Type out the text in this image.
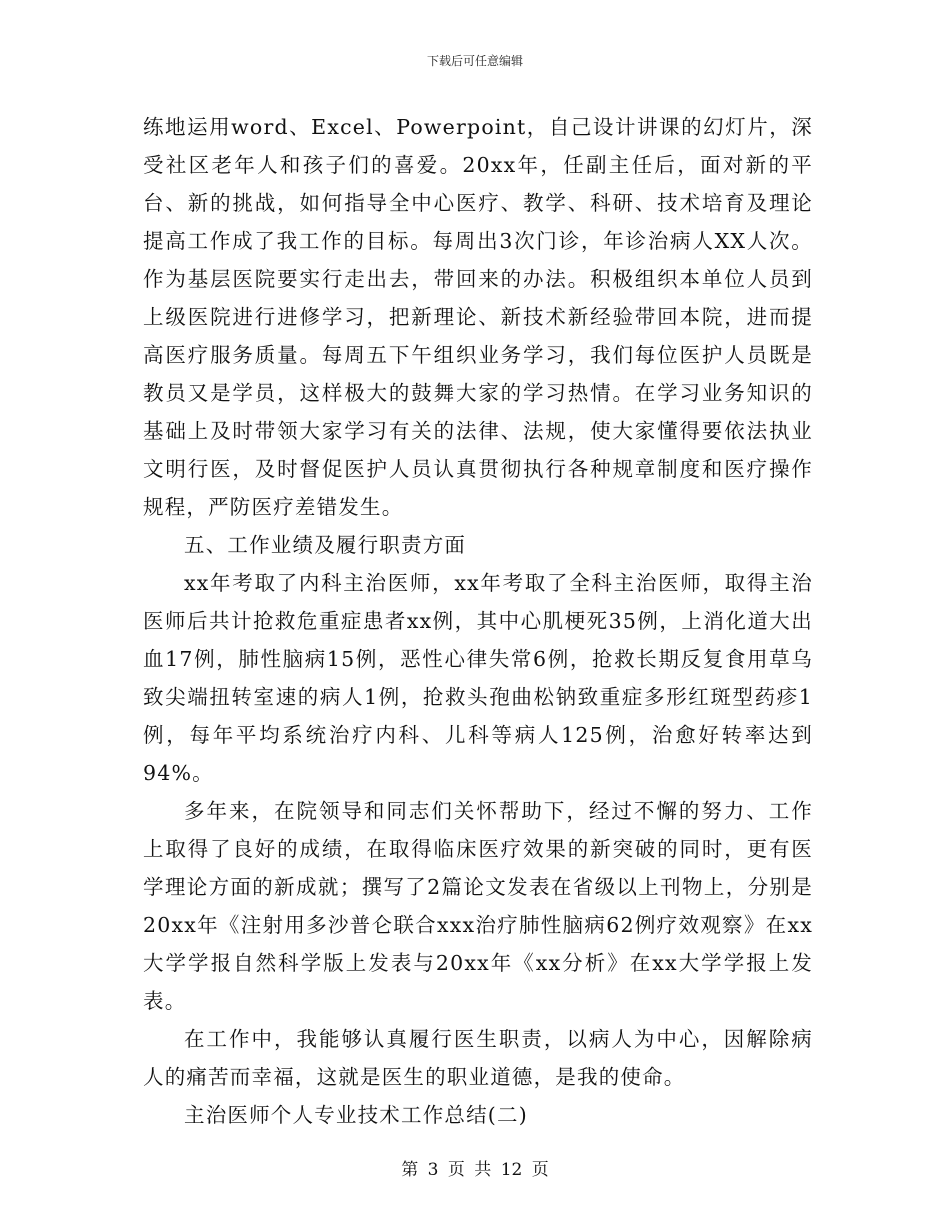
下载后可任意编辑

练地运用word、Excel、Powerpoint，自己设计讲课的幻灯片，深受社区老年人和孩子们的喜爱。20xx年，任副主任后，面对新的平台、新的挑战，如何指导全中心医疗、教学、科研、技术培育及理论提高工作成了我工作的目标。每周出3次门诊，年诊治病人XX人次。作为基层医院要实行走出去，带回来的办法。积极组织本单位人员到上级医院进行进修学习，把新理论、新技术新经验带回本院，进而提高医疗服务质量。每周五下午组织业务学习，我们每位医护人员既是教员又是学员，这样极大的鼓舞大家的学习热情。在学习业务知识的基础上及时带领大家学习有关的法律、法规，使大家懂得要依法执业文明行医，及时督促医护人员认真贯彻执行各种规章制度和医疗操作规程，严防医疗差错发生。

五、工作业绩及履行职责方面

xx年考取了内科主治医师，xx年考取了全科主治医师，取得主治医师后共计抢救危重症患者xx例，其中心肌梗死35例，上消化道大出血17例，肺性脑病15例，恶性心律失常6例，抢救长期反复食用草乌致尖端扭转室速的病人1例，抢救头孢曲松钠致重症多形红斑型药疹1例，每年平均系统治疗内科、儿科等病人125例，治愈好转率达到94%。

多年来，在院领导和同志们关怀帮助下，经过不懈的努力、工作上取得了良好的成绩，在取得临床医疗效果的新突破的同时，更有医学理论方面的新成就；撰写了2篇论文发表在省级以上刊物上，分别是 20xx年《注射用多沙普仑联合xxx治疗肺性脑病62例疗效观察》在xx大学学报自然科学版上发表与20xx年《xx分析》在xx大学学报上发表。

在工作中，我能够认真履行医生职责，以病人为中心，因解除病人的痛苦而幸福，这就是医生的职业道德，是我的使命。

主治医师个人专业技术工作总结(二)

第 3 页 共 12 页
